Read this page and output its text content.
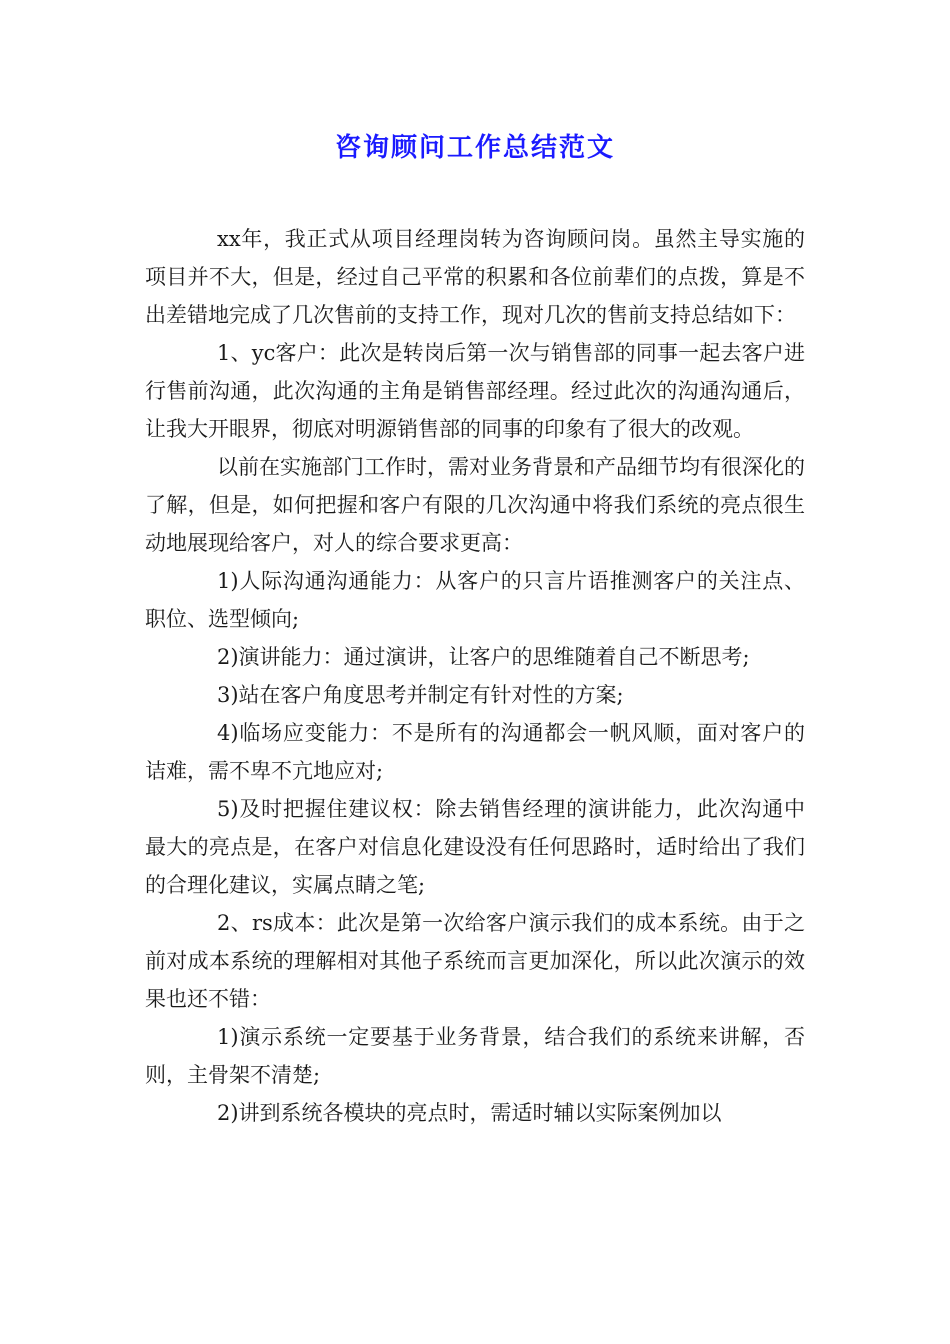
咨询顾问工作总结范文

xx年，我正式从项目经理岗转为咨询顾问岗。虽然主导实施的项目并不大，但是，经过自己平常的积累和各位前辈们的点拨，算是不出差错地完成了几次售前的支持工作，现对几次的售前支持总结如下：

1、yc客户：此次是转岗后第一次与销售部的同事一起去客户进行售前沟通，此次沟通的主角是销售部经理。经过此次的沟通沟通后，让我大开眼界，彻底对明源销售部的同事的印象有了很大的改观。

以前在实施部门工作时，需对业务背景和产品细节均有很深化的了解，但是，如何把握和客户有限的几次沟通中将我们系统的亮点很生动地展现给客户，对人的综合要求更高：

1)人际沟通沟通能力：从客户的只言片语推测客户的关注点、职位、选型倾向;

2)演讲能力：通过演讲，让客户的思维随着自己不断思考;

3)站在客户角度思考并制定有针对性的方案;

4)临场应变能力：不是所有的沟通都会一帆风顺，面对客户的诘难，需不卑不亢地应对;

5)及时把握住建议权：除去销售经理的演讲能力，此次沟通中最大的亮点是，在客户对信息化建设没有任何思路时，适时给出了我们的合理化建议，实属点睛之笔;

2、rs成本：此次是第一次给客户演示我们的成本系统。由于之前对成本系统的理解相对其他子系统而言更加深化，所以此次演示的效果也还不错：

1)演示系统一定要基于业务背景，结合我们的系统来讲解，否则，主骨架不清楚;

2)讲到系统各模块的亮点时，需适时辅以实际案例加以
